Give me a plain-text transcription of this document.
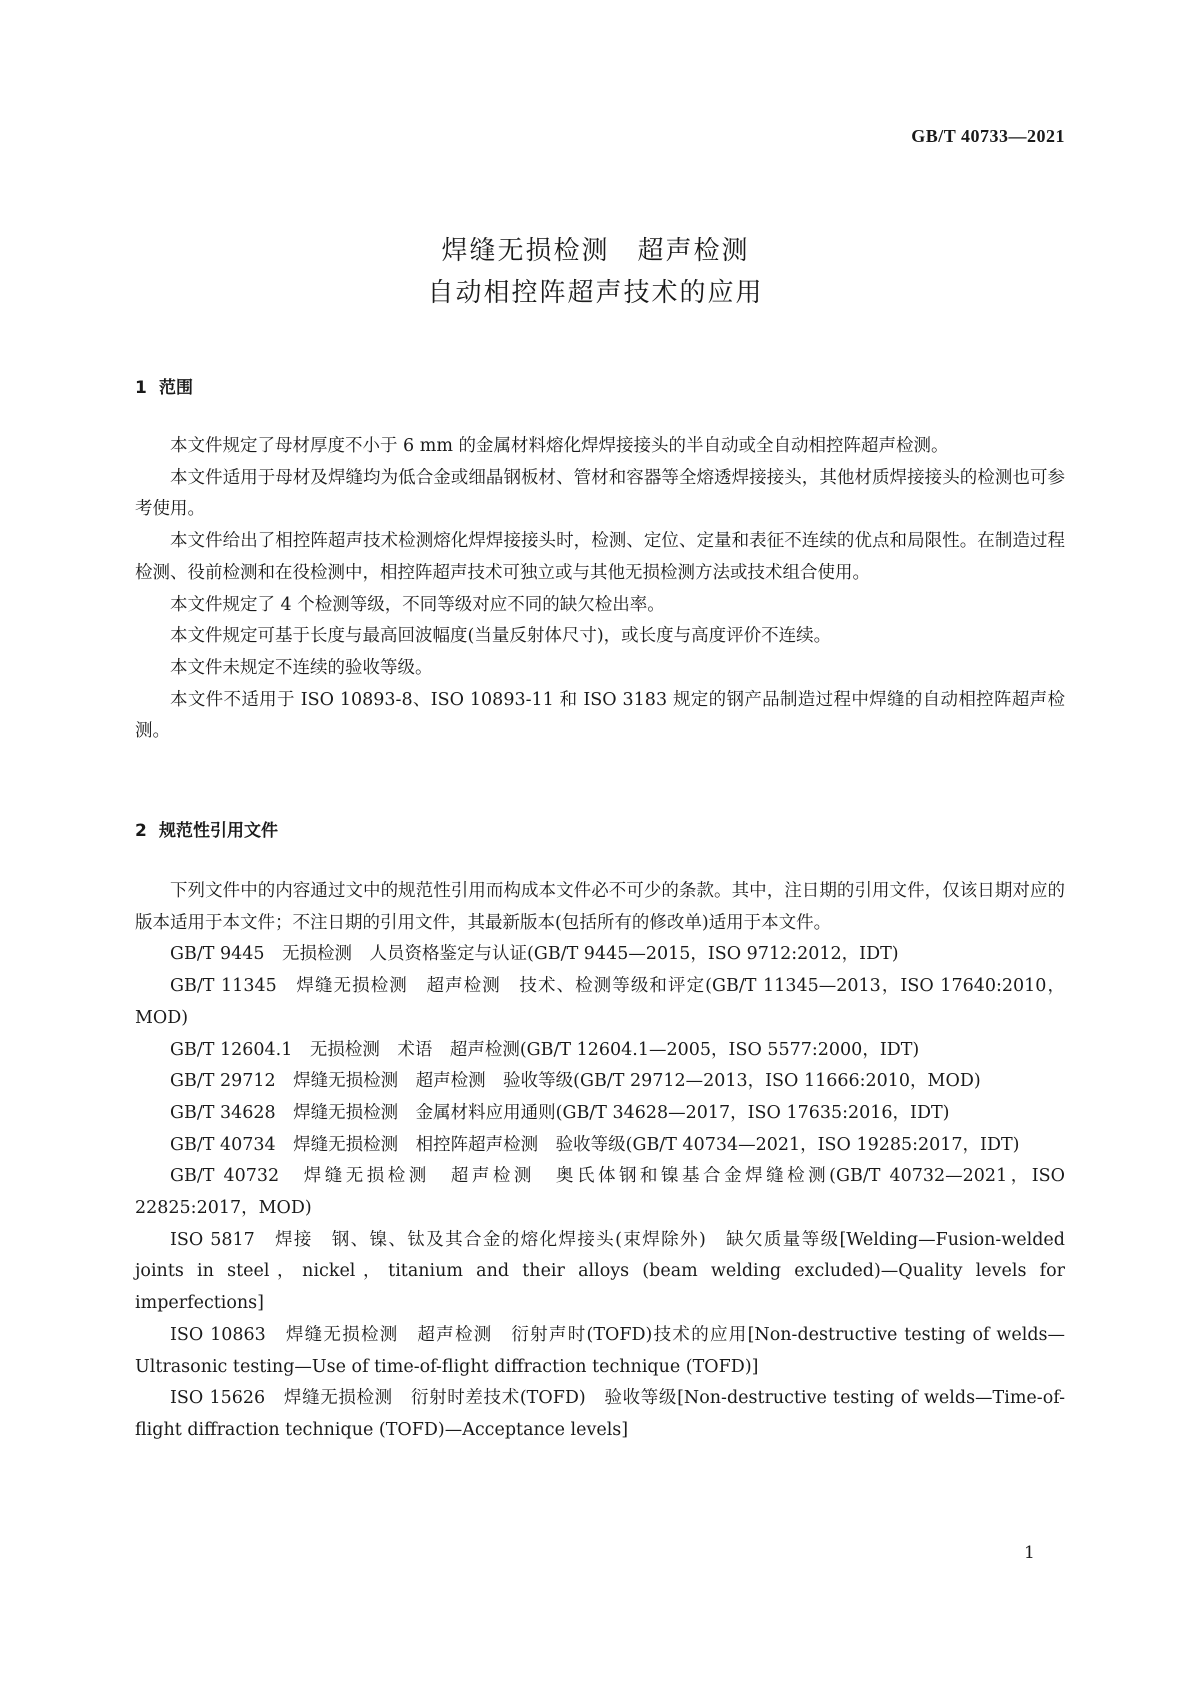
GB/T 40733—2021
焊缝无损检测　超声检测
自动相控阵超声技术的应用
1 范围

本文件规定了母材厚度不小于 6 mm 的金属材料熔化焊焊接接头的半自动或全自动相控阵超声检测。

本文件适用于母材及焊缝均为低合金或细晶钢板材、管材和容器等全熔透焊接接头，其他材质焊接接头的检测也可参考使用。

本文件给出了相控阵超声技术检测熔化焊焊接接头时，检测、定位、定量和表征不连续的优点和局限性。在制造过程检测、役前检测和在役检测中，相控阵超声技术可独立或与其他无损检测方法或技术组合使用。

本文件规定了 4 个检测等级，不同等级对应不同的缺欠检出率。

本文件规定可基于长度与最高回波幅度(当量反射体尺寸)，或长度与高度评价不连续。

本文件未规定不连续的验收等级。

本文件不适用于 ISO 10893-8、ISO 10893-11 和 ISO 3183 规定的钢产品制造过程中焊缝的自动相控阵超声检测。

2 规范性引用文件

下列文件中的内容通过文中的规范性引用而构成本文件必不可少的条款。其中，注日期的引用文件，仅该日期对应的版本适用于本文件；不注日期的引用文件，其最新版本(包括所有的修改单)适用于本文件。

GB/T 9445　无损检测　人员资格鉴定与认证(GB/T 9445—2015，ISO 9712:2012，IDT)

GB/T 11345　焊缝无损检测　超声检测　技术、检测等级和评定(GB/T 11345—2013，ISO 17640:2010，MOD)

GB/T 12604.1　无损检测　术语　超声检测(GB/T 12604.1—2005，ISO 5577:2000，IDT)

GB/T 29712　焊缝无损检测　超声检测　验收等级(GB/T 29712—2013，ISO 11666:2010，MOD)

GB/T 34628　焊缝无损检测　金属材料应用通则(GB/T 34628—2017，ISO 17635:2016，IDT)

GB/T 40734　焊缝无损检测　相控阵超声检测　验收等级(GB/T 40734—2021，ISO 19285:2017，IDT)

GB/T 40732　焊缝无损检测　超声检测　奥氏体钢和镍基合金焊缝检测(GB/T 40732—2021，ISO 22825:2017，MOD)

ISO 5817　焊接　钢、镍、钛及其合金的熔化焊接头(束焊除外)　缺欠质量等级[Welding—Fusion-welded joints in steel，nickel，titanium and their alloys (beam welding excluded)—Quality levels for imperfections]

ISO 10863　焊缝无损检测　超声检测　衍射声时(TOFD)技术的应用[Non-destructive testing of welds—Ultrasonic testing—Use of time-of-flight diffraction technique (TOFD)]

ISO 15626　焊缝无损检测　衍射时差技术(TOFD)　验收等级[Non-destructive testing of welds—Time-of-flight diffraction technique (TOFD)—Acceptance levels]

1
